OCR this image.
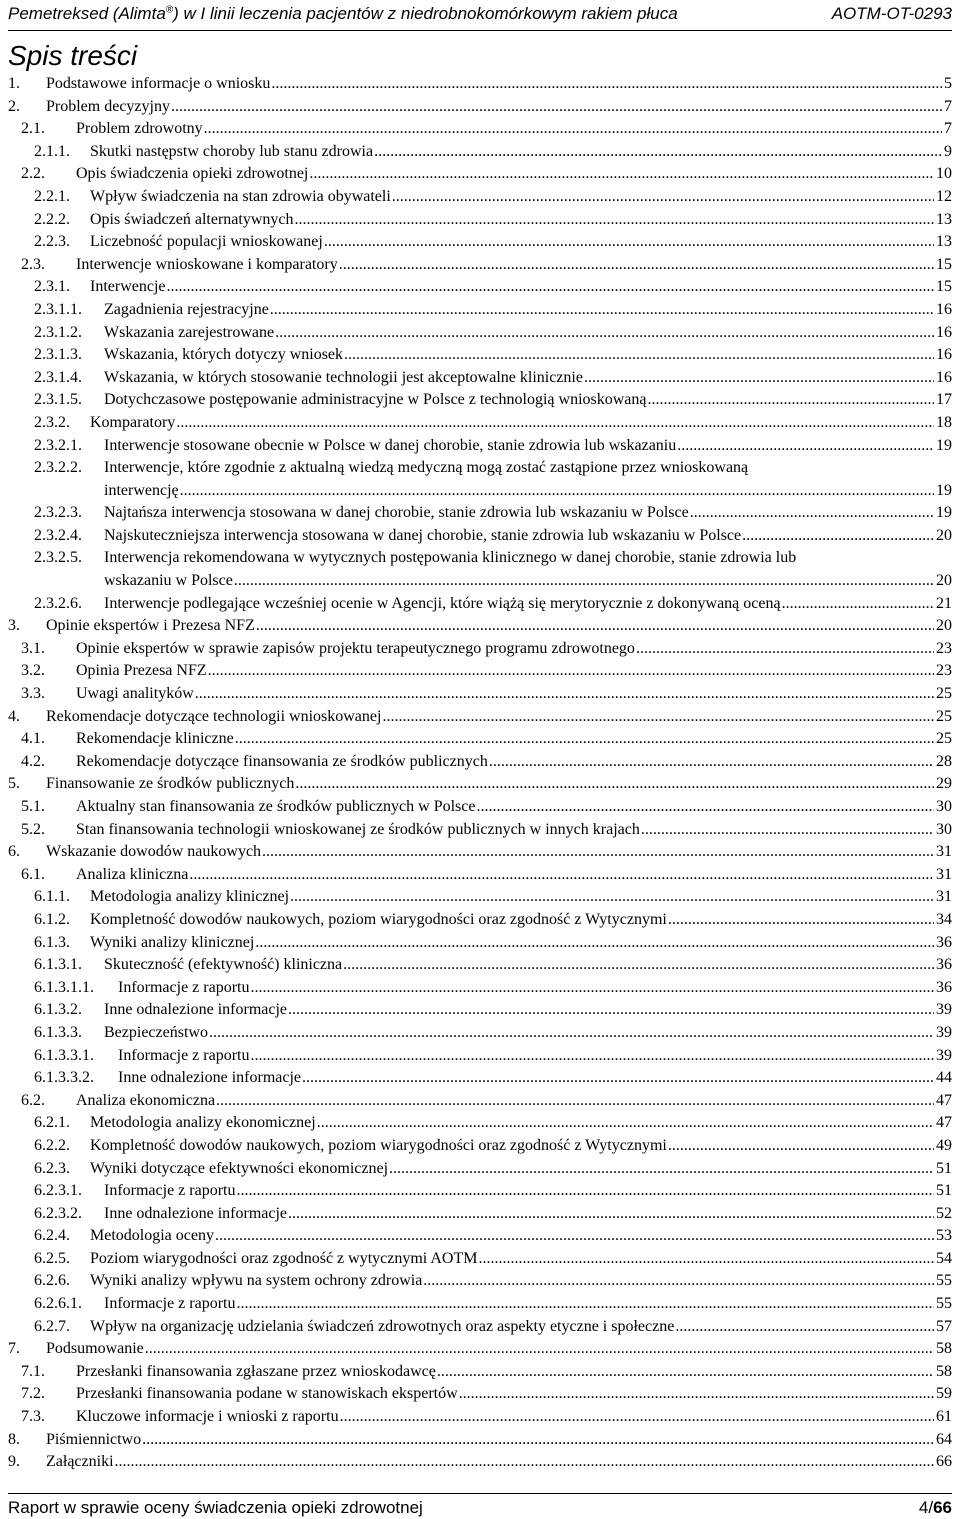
Pemetreksed (Alimta®) w I linii leczenia pacjentów z niedrobnokomórkowym rakiem płuca	AOTM-OT-0293
Spis treści
1. Podstawowe informacje o wniosku .....	5
2. Problem decyzyjny .....	7
2.1. Problem zdrowotny .....	7
2.1.1. Skutki następstw choroby lub stanu zdrowia .....	9
2.2. Opis świadczenia opieki zdrowotnej .....	10
2.2.1. Wpływ świadczenia na stan zdrowia obywateli .....	12
2.2.2. Opis świadczeń alternatywnych .....	13
2.2.3. Liczebność populacji wnioskowanej .....	13
2.3. Interwencje wnioskowane i komparatory .....	15
2.3.1. Interwencje .....	15
2.3.1.1. Zagadnienia rejestracyjne .....	16
2.3.1.2. Wskazania zarejestrowane .....	16
2.3.1.3. Wskazania, których dotyczy wniosek .....	16
2.3.1.4. Wskazania, w których stosowanie technologii jest akceptowalne klinicznie .....	16
2.3.1.5. Dotychczasowe postępowanie administracyjne w Polsce z technologią wnioskowaną .....	17
2.3.2. Komparatory .....	18
2.3.2.1. Interwencje stosowane obecnie w Polsce w danej chorobie, stanie zdrowia lub wskazaniu .....	19
2.3.2.2. Interwencje, które zgodnie z aktualną wiedzą medyczną mogą zostać zastąpione przez wnioskowaną
interwencję .....	19
2.3.2.3. Najtańsza interwencja stosowana w danej chorobie, stanie zdrowia lub wskazaniu w Polsce .....	19
2.3.2.4. Najskuteczniejsza interwencja stosowana w danej chorobie, stanie zdrowia lub wskazaniu w Polsce .....	20
2.3.2.5. Interwencja rekomendowana w wytycznych postępowania klinicznego w danej chorobie, stanie zdrowia lub
wskazaniu w Polsce .....	20
2.3.2.6. Interwencje podlegające wcześniej ocenie w Agencji, które wiążą się merytorycznie z dokonywaną oceną .....	21
3. Opinie ekspertów i Prezesa NFZ .....	20
3.1. Opinie ekspertów w sprawie zapisów projektu terapeutycznego programu zdrowotnego .....	23
3.2. Opinia Prezesa NFZ .....	23
3.3. Uwagi analityków .....	25
4. Rekomendacje dotyczące technologii wnioskowanej .....	25
4.1. Rekomendacje kliniczne .....	25
4.2. Rekomendacje dotyczące finansowania ze środków publicznych .....	28
5. Finansowanie ze środków publicznych .....	29
5.1. Aktualny stan finansowania ze środków publicznych w Polsce .....	30
5.2. Stan finansowania technologii wnioskowanej ze środków publicznych w innych krajach .....	30
6. Wskazanie dowodów naukowych .....	31
6.1. Analiza kliniczna .....	31
6.1.1. Metodologia analizy klinicznej .....	31
6.1.2. Kompletność dowodów naukowych, poziom wiarygodności oraz zgodność z Wytycznymi .....	34
6.1.3. Wyniki analizy klinicznej .....	36
6.1.3.1. Skuteczność (efektywność) kliniczna .....	36
6.1.3.1.1. Informacje z raportu .....	36
6.1.3.2. Inne odnalezione informacje .....	39
6.1.3.3. Bezpieczeństwo .....	39
6.1.3.3.1. Informacje z raportu .....	39
6.1.3.3.2. Inne odnalezione informacje .....	44
6.2. Analiza ekonomiczna .....	47
6.2.1. Metodologia analizy ekonomicznej .....	47
6.2.2. Kompletność dowodów naukowych, poziom wiarygodności oraz zgodność z Wytycznymi .....	49
6.2.3. Wyniki dotyczące efektywności ekonomicznej .....	51
6.2.3.1. Informacje z raportu .....	51
6.2.3.2. Inne odnalezione informacje .....	52
6.2.4. Metodologia oceny .....	53
6.2.5. Poziom wiarygodności oraz zgodność z wytycznymi AOTM .....	54
6.2.6. Wyniki analizy wpływu na system ochrony zdrowia .....	55
6.2.6.1. Informacje z raportu .....	55
6.2.7. Wpływ na organizację udzielania świadczeń zdrowotnych oraz aspekty etyczne i społeczne .....	57
7. Podsumowanie .....	58
7.1. Przesłanki finansowania zgłaszane przez wnioskodawcę .....	58
7.2. Przesłanki finansowania podane w stanowiskach ekspertów .....	59
7.3. Kluczowe informacje i wnioski z raportu .....	61
8. Piśmiennictwo .....	64
9. Załączniki .....	66
Raport w sprawie oceny świadczenia opieki zdrowotnej	4/66
